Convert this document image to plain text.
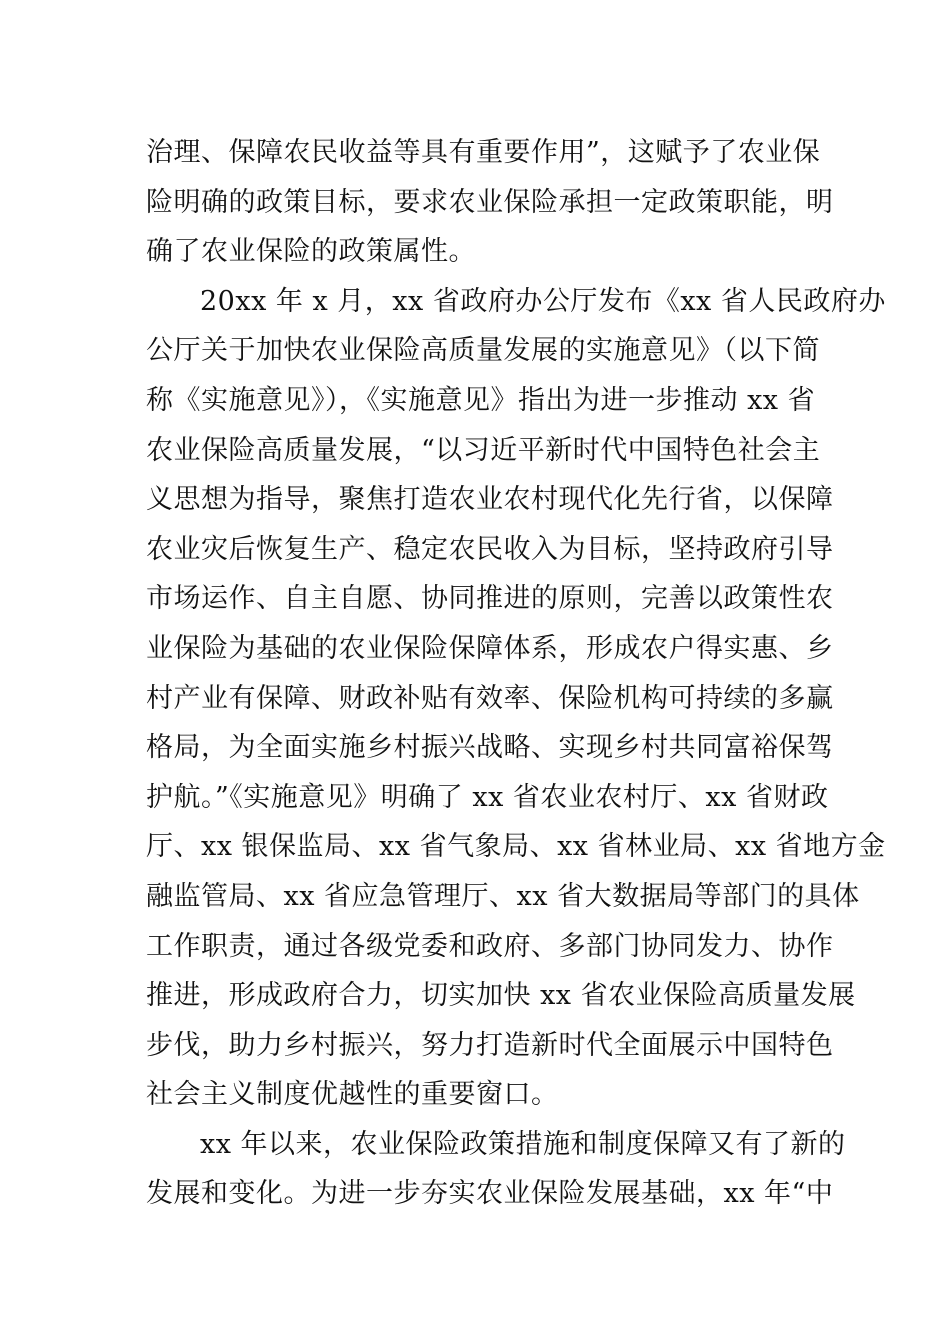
治理、保障农民收益等具有重要作用”，这赋予了农业保
险明确的政策目标，要求农业保险承担一定政策职能，明
确了农业保险的政策属性。
20xx 年 x 月，xx 省政府办公厅发布《xx 省人民政府办
公厅关于加快农业保险高质量发展的实施意见》（以下简
称《实施意见》），《实施意见》指出为进一步推动 xx 省
农业保险高质量发展，“以习近平新时代中国特色社会主
义思想为指导，聚焦打造农业农村现代化先行省，以保障
农业灾后恢复生产、稳定农民收入为目标，坚持政府引导
市场运作、自主自愿、协同推进的原则，完善以政策性农
业保险为基础的农业保险保障体系，形成农户得实惠、乡
村产业有保障、财政补贴有效率、保险机构可持续的多赢
格局，为全面实施乡村振兴战略、实现乡村共同富裕保驾
护航。”《实施意见》明确了 xx 省农业农村厅、xx 省财政
厅、xx 银保监局、xx 省气象局、xx 省林业局、xx 省地方金
融监管局、xx 省应急管理厅、xx 省大数据局等部门的具体
工作职责，通过各级党委和政府、多部门协同发力、协作
推进，形成政府合力，切实加快 xx 省农业保险高质量发展
步伐，助力乡村振兴，努力打造新时代全面展示中国特色
社会主义制度优越性的重要窗口。
xx 年以来，农业保险政策措施和制度保障又有了新的
发展和变化。为进一步夯实农业保险发展基础，xx 年“中
